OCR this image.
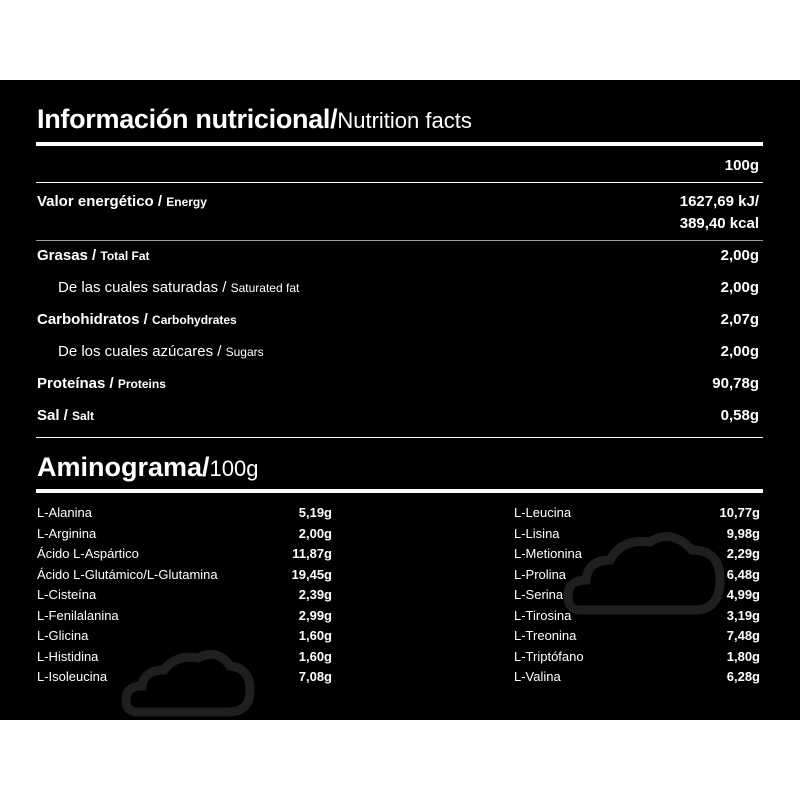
Información nutricional/Nutrition facts
100g
Valor energético / Energy	1627,69 kJ/
389,40 kcal
Grasas / Total Fat	2,00g
De las cuales saturadas / Saturated fat	2,00g
Carbohidratos / Carbohydrates	2,07g
De los cuales azúcares / Sugars	2,00g
Proteínas / Proteins	90,78g
Sal / Salt	0,58g
Aminograma/100g
L-Alanina	5,19g
L-Arginina	2,00g
Ácido L-Aspártico	11,87g
Ácido L-Glutámico/L-Glutamina	19,45g
L-Cisteína	2,39g
L-Fenilalanina	2,99g
L-Glicina	1,60g
L-Histidina	1,60g
L-Isoleucina	7,08g
L-Leucina	10,77g
L-Lisina	9,98g
L-Metionina	2,29g
L-Prolina	6,48g
L-Serina	4,99g
L-Tirosina	3,19g
L-Treonina	7,48g
L-Triptófano	1,80g
L-Valina	6,28g
